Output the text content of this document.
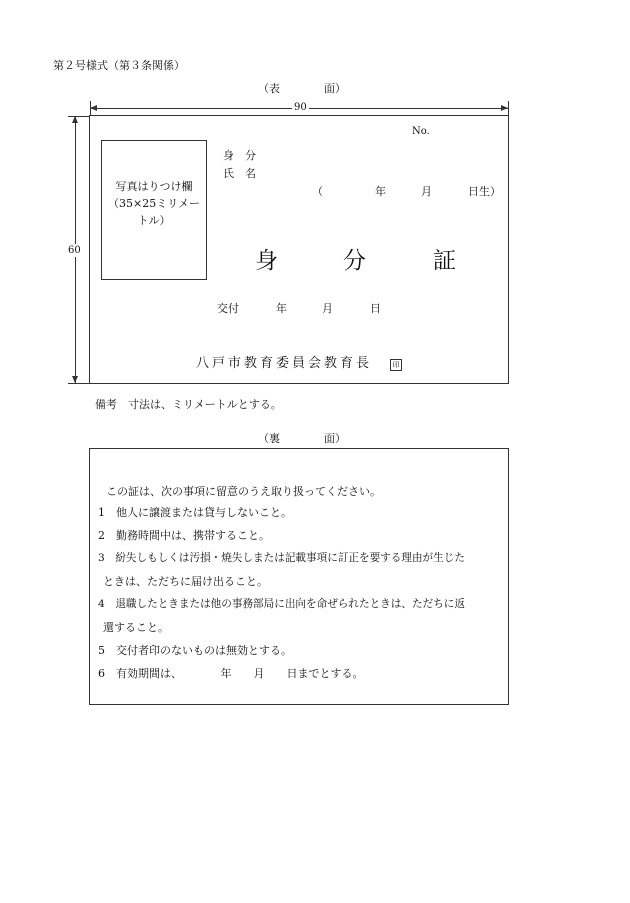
第２号様式（第３条関係）
（表　　　　面）
90
60
No.
写真はりつけ欄
（35×25ミリメー
トル）
身　分
氏　名
（	年	月	日生）
身	分	証
交付	年	月	日
八戸市教育委員会教育長	印
備考　寸法は、ミリメートルとする。
（裏　　　　面）
この証は、次の事項に留意のうえ取り扱ってください。
1　他人に譲渡または貸与しないこと。
2　勤務時間中は、携帯すること。
3　紛失しもしくは汚損・焼失しまたは記載事項に訂正を要する理由が生じた
ときは、ただちに届け出ること。
4　退職したときまたは他の事務部局に出向を命ぜられたときは、ただちに返
還すること。
5　交付者印のないものは無効とする。
6　有効期間は、　　　　年　　月　　日までとする。
